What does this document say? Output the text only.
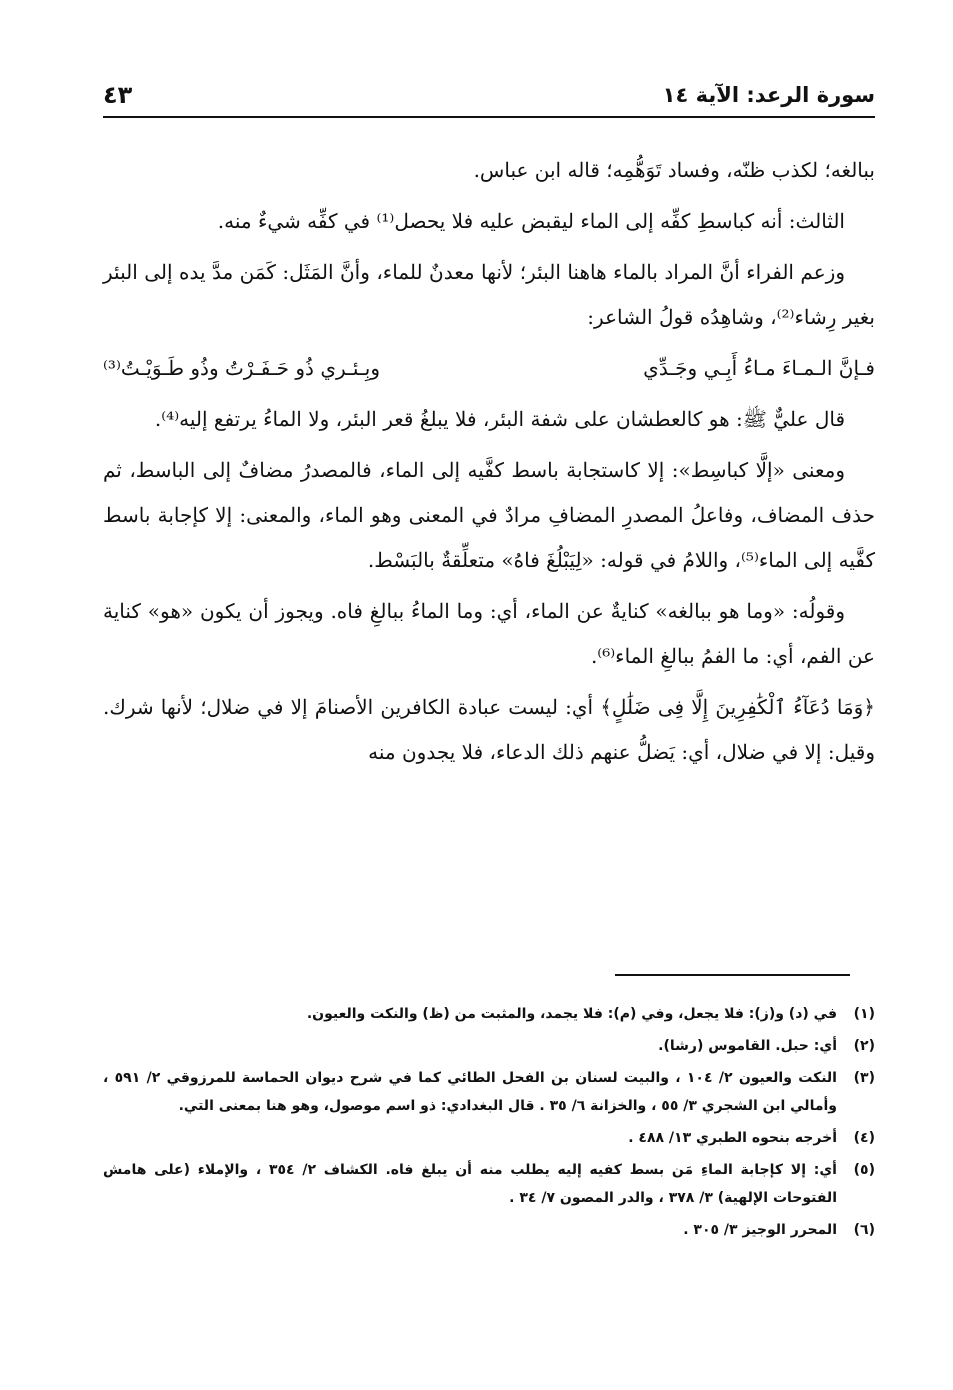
سورة الرعد: الآية ١٤
٤٣

ببالغه؛ لكذب ظنّه، وفساد تَوَهُّمِه؛ قاله ابن عباس.

الثالث: أنه كباسطِ كفِّه إلى الماء ليقبض عليه فلا يحصل⁽¹⁾ في كفِّه شيءٌ منه.

وزعم الفراء أنَّ المراد بالماء هاهنا البئر؛ لأنها معدنٌ للماء، وأنَّ المَثَل: كَمَن مدَّ يده إلى البئر بغير رِشاء⁽²⁾، وشاهِدُه قولُ الشاعر:

فـإنَّ الـمـاءَ مـاءُ أَبِـي وجَـدِّي
وبِـئـري ذُو حَـفَـرْتُ وذُو طَـوَيْـتُ⁽³⁾

قال عليٌّ ﷺ: هو كالعطشان على شفة البئر، فلا يبلغُ قعر البئر، ولا الماءُ يرتفع إليه⁽⁴⁾.

ومعنى «إلَّا كباسِط»: إلا كاستجابة باسط كفَّيه إلى الماء، فالمصدرُ مضافٌ إلى الباسط، ثم حذف المضاف، وفاعلُ المصدرِ المضافِ مرادٌ في المعنى وهو الماء، والمعنى: إلا كإجابة باسط كفَّيه إلى الماء⁽⁵⁾، واللامُ في قوله: «لِيَبْلُغَ فاهُ» متعلِّقةٌ بالبَسْط.

وقولُه: «وما هو ببالغه» كنايةٌ عن الماء، أي: وما الماءُ ببالغِ فاه. ويجوز أن يكون «هو» كناية عن الفم، أي: ما الفمُ ببالغِ الماء⁽⁶⁾.

﴿وَمَا دُعَآءُ ٱلْكَٰفِرِينَ إِلَّا فِى ضَلَٰلٍ﴾ أي: ليست عبادة الكافرين الأصنامَ إلا في ضلال؛ لأنها شرك. وقيل: إلا في ضلال، أي: يَضلُّ عنهم ذلك الدعاء، فلا يجدون منه

(١)
في (د) و(ز): فلا يجعل، وفي (م): فلا يجمد، والمثبت من (ظ) والنكت والعيون.
(٢)
أي: حبل. القاموس (رشا).
(٣)
النكت والعيون ٢/ ١٠٤ ، والبيت لسنان بن الفحل الطائي كما في شرح ديوان الحماسة للمرزوقي ٢/ ٥٩١ ، وأمالي ابن الشجري ٣/ ٥٥ ، والخزانة ٦/ ٣٥ . قال البغدادي: ذو اسم موصول، وهو هنا بمعنى التي.
(٤)
أخرجه بنحوه الطبري ١٣/ ٤٨٨ .
(٥)
أي: إلا كإجابة الماءِ مَن بسط كفيه إليه يطلب منه أن يبلغ فاه. الكشاف ٢/ ٣٥٤ ، والإملاء (على هامش الفتوحات الإلهية) ٣/ ٣٧٨ ، والدر المصون ٧/ ٣٤ .
(٦)
المحرر الوجيز ٣/ ٣٠٥ .
